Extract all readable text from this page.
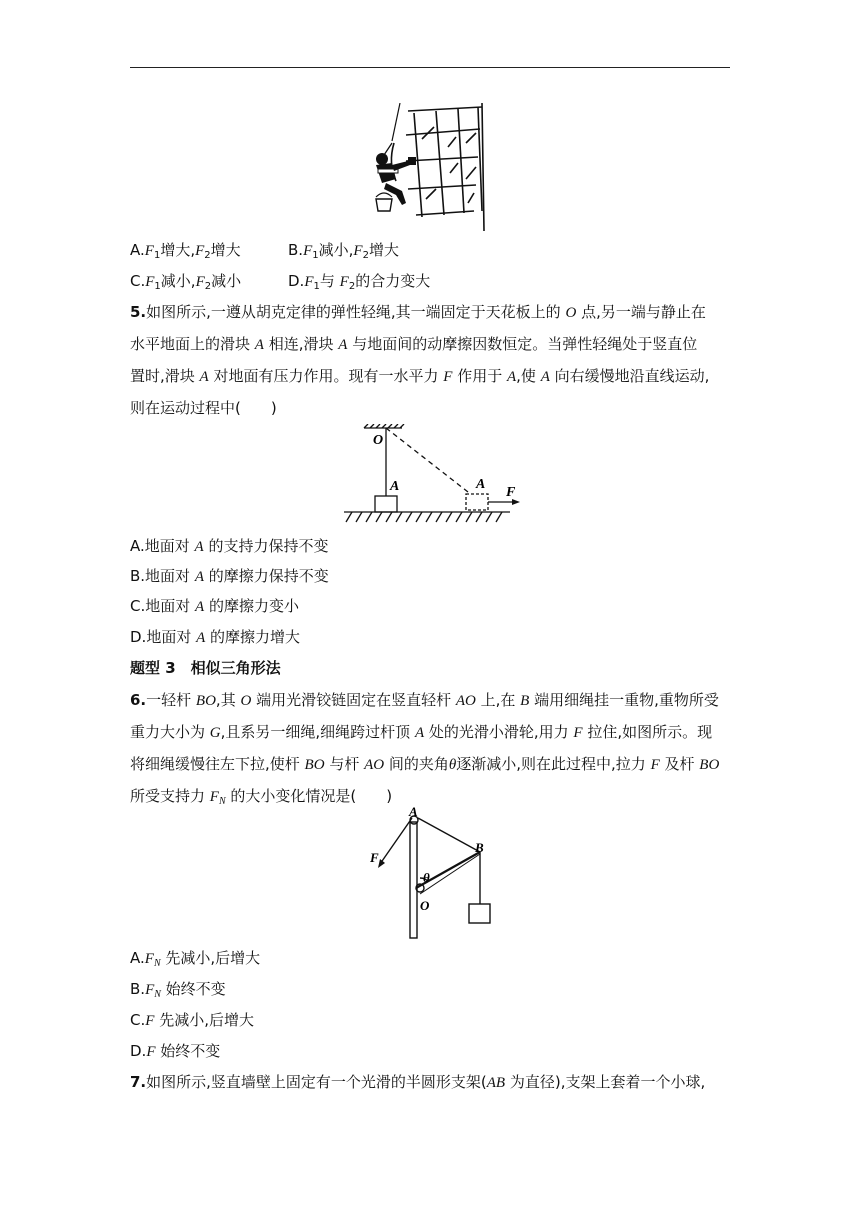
$A.F_1$增大$,F_2$增大	$B.F_1$减小$,F_2$增大
$C.F_1$减小$,F_2$减小	$D.F_1$与 $F_2$的合力变大
5.如图所示,一遵从胡克定律的弹性轻绳,其一端固定于天花板上的 O 点,另一端与静止在
水平地面上的滑块 A 相连,滑块 A 与地面间的动摩擦因数恒定。当弹性轻绳处于竖直位
置时,滑块 A 对地面有压力作用。现有一水平力 F 作用于 A,使 A 向右缓慢地沿直线运动,
则在运动过程中(　　)
O
A	A
F
A.地面对 A 的支持力保持不变
B.地面对 A 的摩擦力保持不变
C.地面对 A 的摩擦力变小
D.地面对 A 的摩擦力增大
题型 3　相似三角形法
6.一轻杆 BO,其 O 端用光滑铰链固定在竖直轻杆 AO 上,在 B 端用细绳挂一重物,重物所受
重力大小为 G,且系另一细绳,细绳跨过杆顶 A 处的光滑小滑轮,用力 F 拉住,如图所示。现
将细绳缓慢往左下拉,使杆 BO 与杆 AO 间的夹角θ逐渐减小,则在此过程中,拉力 F 及杆 BO
所受支持力 $F_N$ 的大小变化情况是(　　)
A
B
F
θ
O
$A.F_N$ 先减小,后增大
$B.F_N$ 始终不变
C.F 先减小,后增大
D.F 始终不变
7.如图所示,竖直墙壁上固定有一个光滑的半圆形支架(AB 为直径),支架上套着一个小球,
